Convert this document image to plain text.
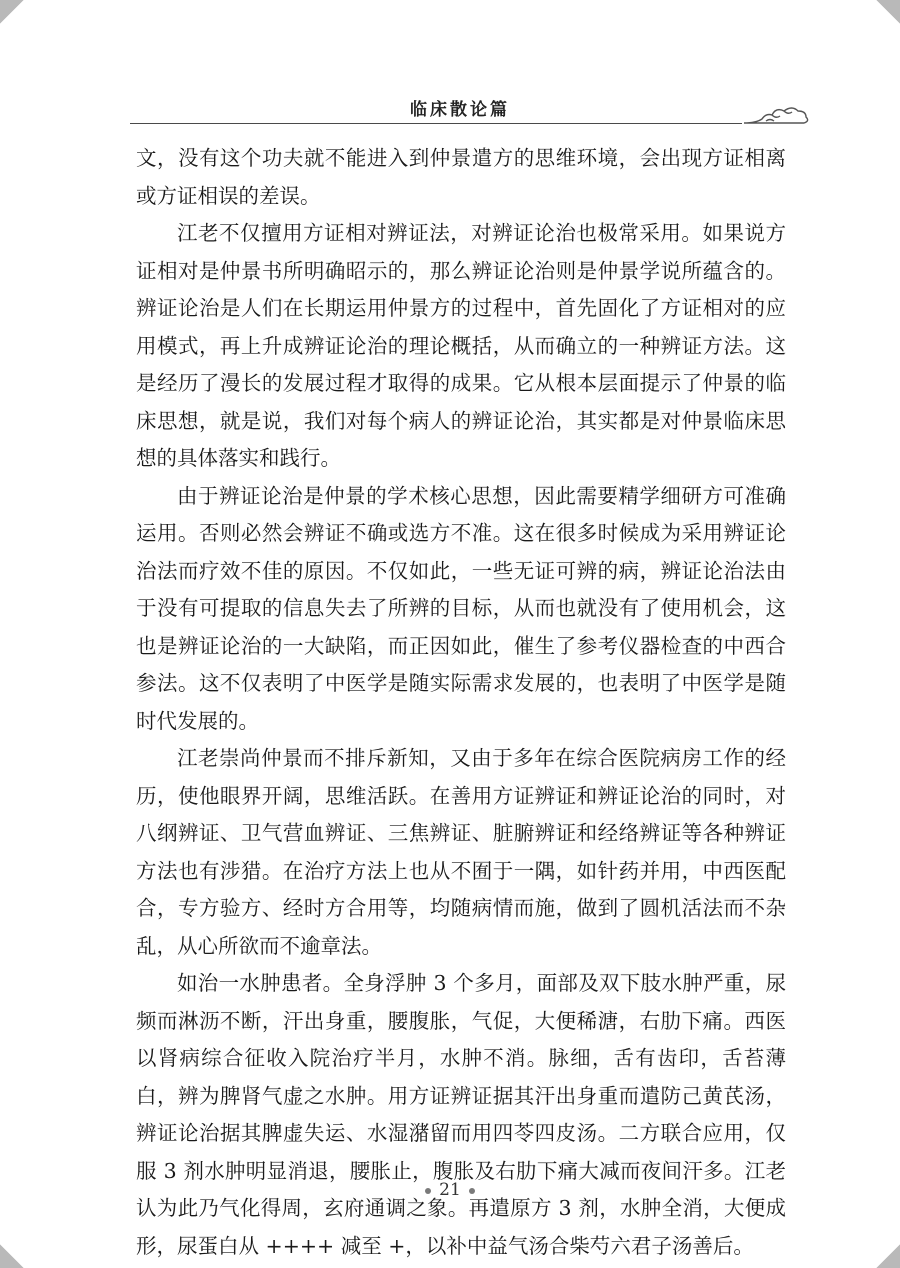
临床散论篇

文，没有这个功夫就不能进入到仲景遣方的思维环境，会出现方证相离或方证相误的差误。

江老不仅擅用方证相对辨证法，对辨证论治也极常采用。如果说方证相对是仲景书所明确昭示的，那么辨证论治则是仲景学说所蕴含的。辨证论治是人们在长期运用仲景方的过程中，首先固化了方证相对的应用模式，再上升成辨证论治的理论概括，从而确立的一种辨证方法。这是经历了漫长的发展过程才取得的成果。它从根本层面提示了仲景的临床思想，就是说，我们对每个病人的辨证论治，其实都是对仲景临床思想的具体落实和践行。

由于辨证论治是仲景的学术核心思想，因此需要精学细研方可准确运用。否则必然会辨证不确或选方不准。这在很多时候成为采用辨证论治法而疗效不佳的原因。不仅如此，一些无证可辨的病，辨证论治法由于没有可提取的信息失去了所辨的目标，从而也就没有了使用机会，这也是辨证论治的一大缺陷，而正因如此，催生了参考仪器检查的中西合参法。这不仅表明了中医学是随实际需求发展的，也表明了中医学是随时代发展的。

江老崇尚仲景而不排斥新知，又由于多年在综合医院病房工作的经历，使他眼界开阔，思维活跃。在善用方证辨证和辨证论治的同时，对八纲辨证、卫气营血辨证、三焦辨证、脏腑辨证和经络辨证等各种辨证方法也有涉猎。在治疗方法上也从不囿于一隅，如针药并用，中西医配合，专方验方、经时方合用等，均随病情而施，做到了圆机活法而不杂乱，从心所欲而不逾章法。

如治一水肿患者。全身浮肿 3 个多月，面部及双下肢水肿严重，尿频而淋沥不断，汗出身重，腰腹胀，气促，大便稀溏，右肋下痛。西医以肾病综合征收入院治疗半月，水肿不消。脉细，舌有齿印，舌苔薄白，辨为脾肾气虚之水肿。用方证辨证据其汗出身重而遣防己黄芪汤，辨证论治据其脾虚失运、水湿潴留而用四苓四皮汤。二方联合应用，仅服 3 剂水肿明显消退，腰胀止，腹胀及右肋下痛大减而夜间汗多。江老认为此乃气化得周，玄府通调之象。再遣原方 3 剂，水肿全消，大便成形，尿蛋白从 ++++ 减至 +，以补中益气汤合柴芍六君子汤善后。

21
